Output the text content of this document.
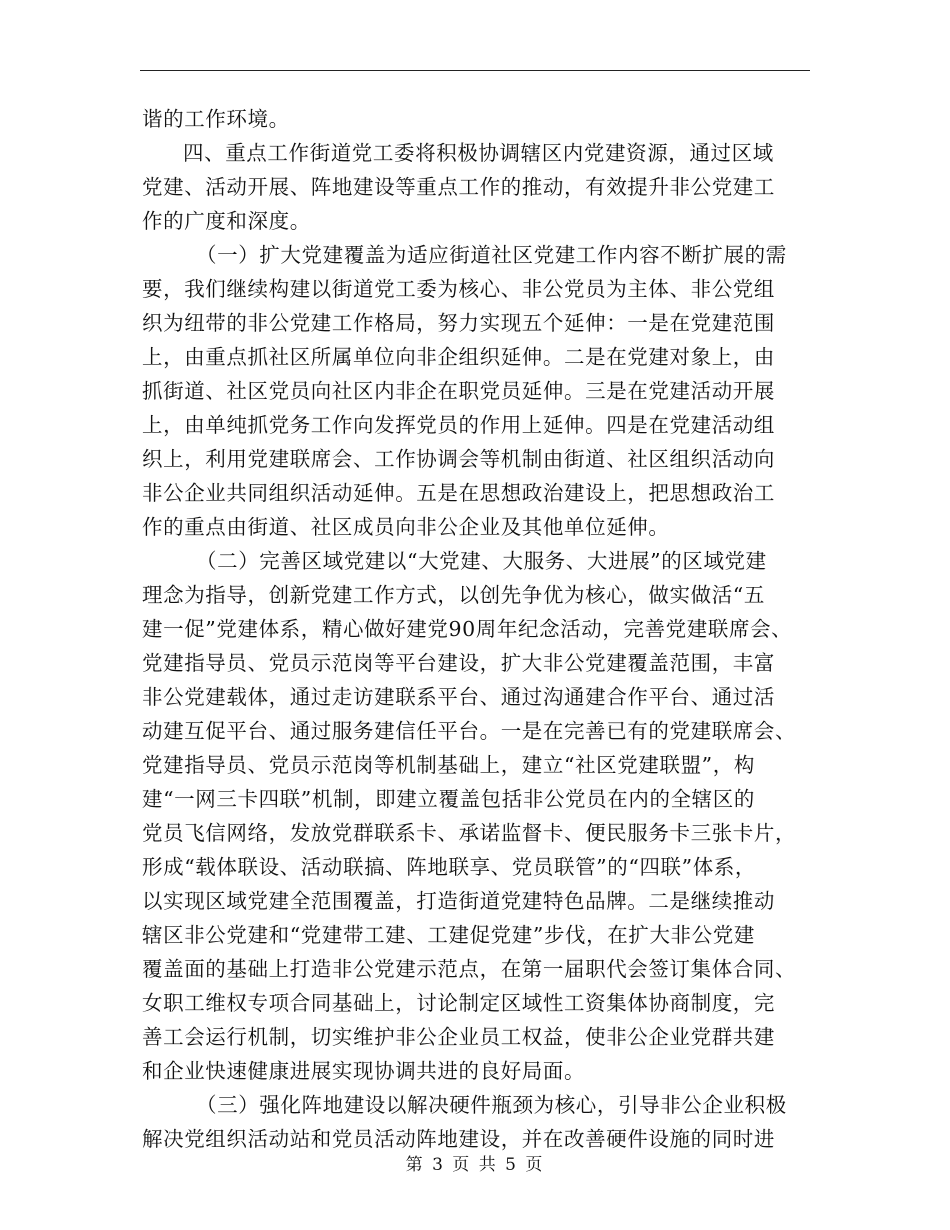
谐的工作环境。
四、重点工作街道党工委将积极协调辖区内党建资源，通过区域
党建、活动开展、阵地建设等重点工作的推动，有效提升非公党建工
作的广度和深度。
（一）扩大党建覆盖为适应街道社区党建工作内容不断扩展的需
要，我们继续构建以街道党工委为核心、非公党员为主体、非公党组
织为纽带的非公党建工作格局，努力实现五个延伸：一是在党建范围
上，由重点抓社区所属单位向非企组织延伸。二是在党建对象上，由
抓街道、社区党员向社区内非企在职党员延伸。三是在党建活动开展
上，由单纯抓党务工作向发挥党员的作用上延伸。四是在党建活动组
织上，利用党建联席会、工作协调会等机制由街道、社区组织活动向
非公企业共同组织活动延伸。五是在思想政治建设上，把思想政治工
作的重点由街道、社区成员向非公企业及其他单位延伸。
（二）完善区域党建以“大党建、大服务、大进展”的区域党建
理念为指导，创新党建工作方式，以创先争优为核心，做实做活“五
建一促”党建体系，精心做好建党90周年纪念活动，完善党建联席会、
党建指导员、党员示范岗等平台建设，扩大非公党建覆盖范围，丰富
非公党建载体，通过走访建联系平台、通过沟通建合作平台、通过活
动建互促平台、通过服务建信任平台。一是在完善已有的党建联席会、
党建指导员、党员示范岗等机制基础上，建立“社区党建联盟”，构
建“一网三卡四联”机制，即建立覆盖包括非公党员在内的全辖区的
党员飞信网络，发放党群联系卡、承诺监督卡、便民服务卡三张卡片，
形成“载体联设、活动联搞、阵地联享、党员联管”的“四联”体系，
以实现区域党建全范围覆盖，打造街道党建特色品牌。二是继续推动
辖区非公党建和“党建带工建、工建促党建”步伐，在扩大非公党建
覆盖面的基础上打造非公党建示范点，在第一届职代会签订集体合同、
女职工维权专项合同基础上，讨论制定区域性工资集体协商制度，完
善工会运行机制，切实维护非公企业员工权益，使非公企业党群共建
和企业快速健康进展实现协调共进的良好局面。
（三）强化阵地建设以解决硬件瓶颈为核心，引导非公企业积极
解决党组织活动站和党员活动阵地建设，并在改善硬件设施的同时进
第 3 页 共 5 页
